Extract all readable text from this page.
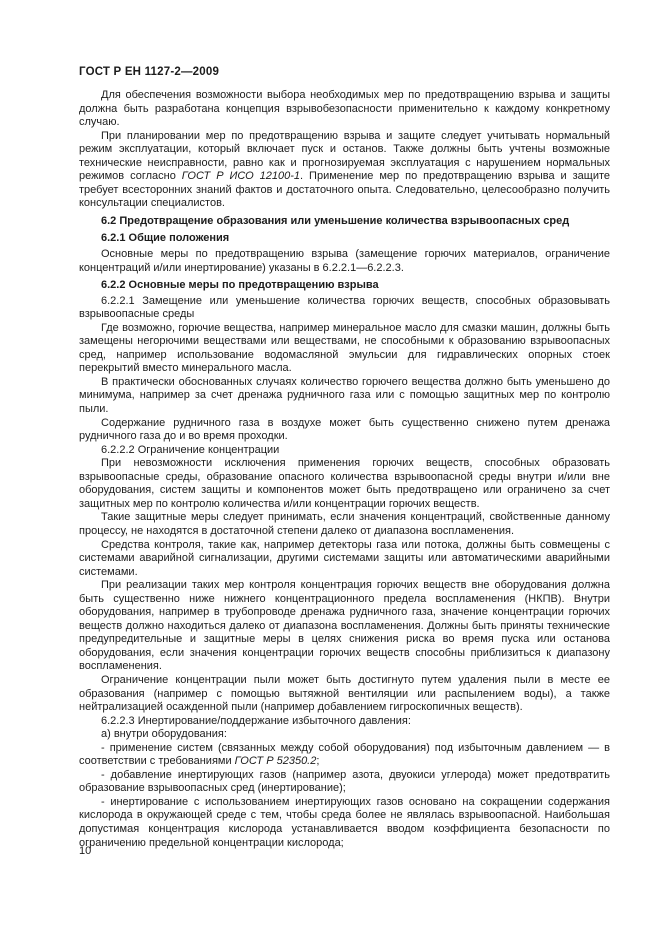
ГОСТ Р ЕН 1127-2—2009

Для обеспечения возможности выбора необходимых мер по предотвращению взрыва и защиты должна быть разработана концепция взрывобезопасности применительно к каждому конкретному случаю.

При планировании мер по предотвращению взрыва и защите следует учитывать нормальный режим эксплуатации, который включает пуск и останов. Также должны быть учтены возможные технические неисправности, равно как и прогнозируемая эксплуатация с нарушением нормальных режимов согласно ГОСТ Р ИСО 12100-1. Применение мер по предотвращению взрыва и защите требует всесторонних знаний фактов и достаточного опыта. Следовательно, целесообразно получить консультации специалистов.

6.2 Предотвращение образования или уменьшение количества взрывоопасных сред

6.2.1 Общие положения

Основные меры по предотвращению взрыва (замещение горючих материалов, ограничение концентраций и/или инертирование) указаны в 6.2.2.1—6.2.2.3.

6.2.2 Основные меры по предотвращению взрыва

6.2.2.1 Замещение или уменьшение количества горючих веществ, способных образовывать взрывоопасные среды

Где возможно, горючие вещества, например минеральное масло для смазки машин, должны быть замещены негорючими веществами или веществами, не способными к образованию взрывоопасных сред, например использование водомасляной эмульсии для гидравлических опорных стоек перекрытий вместо минерального масла.

В практически обоснованных случаях количество горючего вещества должно быть уменьшено до минимума, например за счет дренажа рудничного газа или с помощью защитных мер по контролю пыли.

Содержание рудничного газа в воздухе может быть существенно снижено путем дренажа рудничного газа до и во время проходки.

6.2.2.2 Ограничение концентрации

При невозможности исключения применения горючих веществ, способных образовать взрывоопасные среды, образование опасного количества взрывоопасной среды внутри и/или вне оборудования, систем защиты и компонентов может быть предотвращено или ограничено за счет защитных мер по контролю количества и/или концентрации горючих веществ.

Такие защитные меры следует принимать, если значения концентраций, свойственные данному процессу, не находятся в достаточной степени далеко от диапазона воспламенения.

Средства контроля, такие как, например детекторы газа или потока, должны быть совмещены с системами аварийной сигнализации, другими системами защиты или автоматическими аварийными системами.

При реализации таких мер контроля концентрация горючих веществ вне оборудования должна быть существенно ниже нижнего концентрационного предела воспламенения (НКПВ). Внутри оборудования, например в трубопроводе дренажа рудничного газа, значение концентрации горючих веществ должно находиться далеко от диапазона воспламенения. Должны быть приняты технические предупредительные и защитные меры в целях снижения риска во время пуска или останова оборудования, если значения концентрации горючих веществ способны приблизиться к диапазону воспламенения.

Ограничение концентрации пыли может быть достигнуто путем удаления пыли в месте ее образования (например с помощью вытяжной вентиляции или распылением воды), а также нейтрализацией осажденной пыли (например добавлением гигроскопичных веществ).

6.2.2.3 Инертирование/поддержание избыточного давления:

а) внутри оборудования:

- применение систем (связанных между собой оборудования) под избыточным давлением — в соответствии с требованиями ГОСТ Р 52350.2;

- добавление инертирующих газов (например азота, двуокиси углерода) может предотвратить образование взрывоопасных сред (инертирование);

- инертирование с использованием инертирующих газов основано на сокращении содержания кислорода в окружающей среде с тем, чтобы среда более не являлась взрывоопасной. Наибольшая допустимая концентрация кислорода устанавливается вводом коэффициента безопасности по ограничению предельной концентрации кислорода;

10
